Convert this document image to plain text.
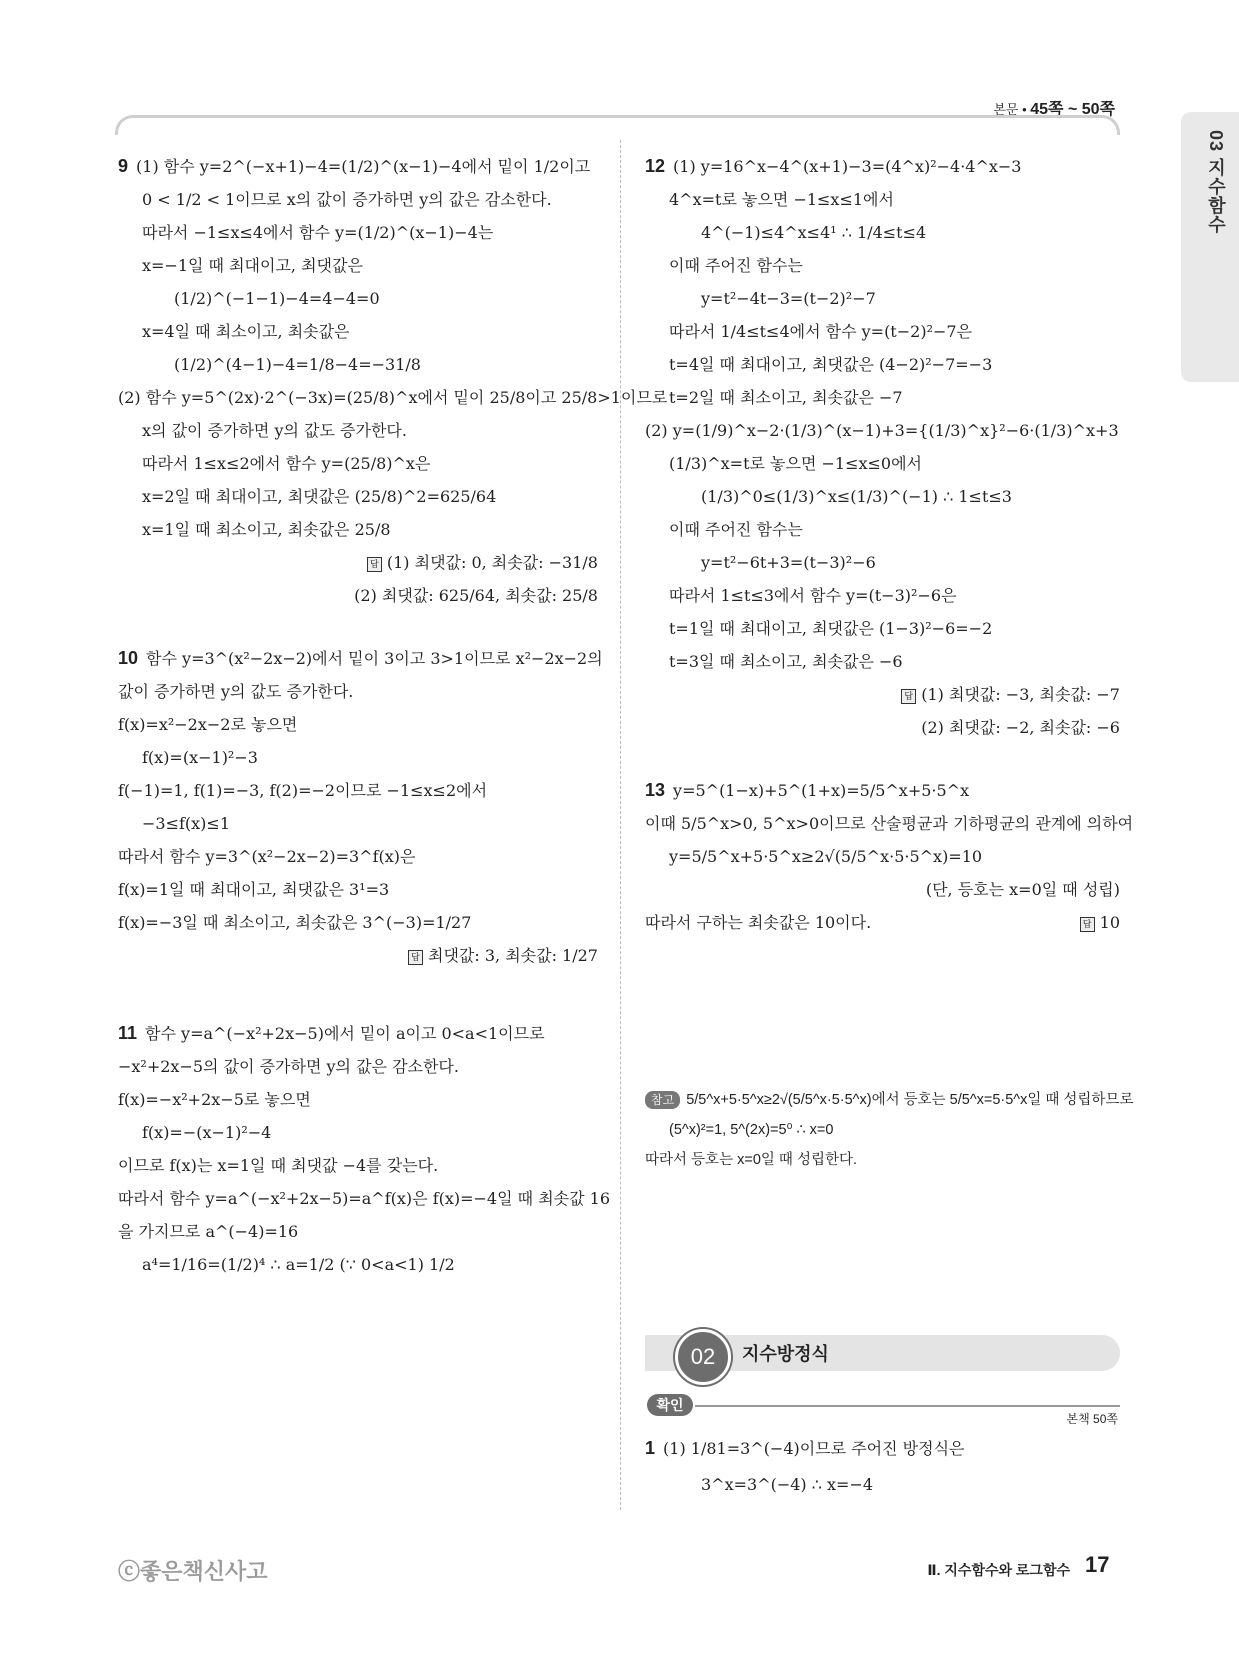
본문 • 45쪽 ~ 50쪽
03 지수함수

9 (1) 함수 y=2^(−x+1)−4=(1/2)^(x−1)−4에서 밑이 1/2이고

0 < 1/2 < 1이므로 x의 값이 증가하면 y의 값은 감소한다.

따라서 −1≤x≤4에서 함수 y=(1/2)^(x−1)−4는

x=−1일 때 최대이고, 최댓값은

(1/2)^(−1−1)−4=4−4=0

x=4일 때 최소이고, 최솟값은

(1/2)^(4−1)−4=1/8−4=−31/8

(2) 함수 y=5^(2x)·2^(−3x)=(25/8)^x에서 밑이 25/8이고 25/8>1이므로

x의 값이 증가하면 y의 값도 증가한다.

따라서 1≤x≤2에서 함수 y=(25/8)^x은

x=2일 때 최대이고, 최댓값은 (25/8)^2=625/64

x=1일 때 최소이고, 최솟값은 25/8

답 (1) 최댓값: 0, 최솟값: −31/8

(2) 최댓값: 625/64, 최솟값: 25/8

10 함수 y=3^(x²−2x−2)에서 밑이 3이고 3>1이므로 x²−2x−2의

값이 증가하면 y의 값도 증가한다.

f(x)=x²−2x−2로 놓으면

f(x)=(x−1)²−3

f(−1)=1, f(1)=−3, f(2)=−2이므로 −1≤x≤2에서

−3≤f(x)≤1

따라서 함수 y=3^(x²−2x−2)=3^f(x)은

f(x)=1일 때 최대이고, 최댓값은 3¹=3

f(x)=−3일 때 최소이고, 최솟값은 3^(−3)=1/27

답 최댓값: 3, 최솟값: 1/27

11 함수 y=a^(−x²+2x−5)에서 밑이 a이고 0<a<1이므로

−x²+2x−5의 값이 증가하면 y의 값은 감소한다.

f(x)=−x²+2x−5로 놓으면

f(x)=−(x−1)²−4

이므로 f(x)는 x=1일 때 최댓값 −4를 갖는다.

따라서 함수 y=a^(−x²+2x−5)=a^f(x)은 f(x)=−4일 때 최솟값 16

을 가지므로 a^(−4)=16

a⁴=1/16=(1/2)⁴ ∴ a=1/2 (∵ 0<a<1) 1/2

12 (1) y=16^x−4^(x+1)−3=(4^x)²−4·4^x−3

4^x=t로 놓으면 −1≤x≤1에서

4^(−1)≤4^x≤4¹ ∴ 1/4≤t≤4

이때 주어진 함수는

y=t²−4t−3=(t−2)²−7

따라서 1/4≤t≤4에서 함수 y=(t−2)²−7은

t=4일 때 최대이고, 최댓값은 (4−2)²−7=−3

t=2일 때 최소이고, 최솟값은 −7

(2) y=(1/9)^x−2·(1/3)^(x−1)+3={(1/3)^x}²−6·(1/3)^x+3

(1/3)^x=t로 놓으면 −1≤x≤0에서

(1/3)^0≤(1/3)^x≤(1/3)^(−1) ∴ 1≤t≤3

이때 주어진 함수는

y=t²−6t+3=(t−3)²−6

따라서 1≤t≤3에서 함수 y=(t−3)²−6은

t=1일 때 최대이고, 최댓값은 (1−3)²−6=−2

t=3일 때 최소이고, 최솟값은 −6

답 (1) 최댓값: −3, 최솟값: −7

(2) 최댓값: −2, 최솟값: −6

13 y=5^(1−x)+5^(1+x)=5/5^x+5·5^x

이때 5/5^x>0, 5^x>0이므로 산술평균과 기하평균의 관계에 의하여

y=5/5^x+5·5^x≥2√(5/5^x·5·5^x)=10

(단, 등호는 x=0일 때 성립)

따라서 구하는 최솟값은 10이다.	답 10

참고 5/5^x+5·5^x≥2√(5/5^x·5·5^x)에서 등호는 5/5^x=5·5^x일 때 성립하므로

(5^x)²=1, 5^(2x)=5⁰ ∴ x=0

따라서 등호는 x=0일 때 성립한다.

02	지수방정식
확인
본책 50쪽

1 (1) 1/81=3^(−4)이므로 주어진 방정식은

3^x=3^(−4) ∴ x=−4

ⓒ좋은책신사고	Ⅱ. 지수함수와 로그함수 17
